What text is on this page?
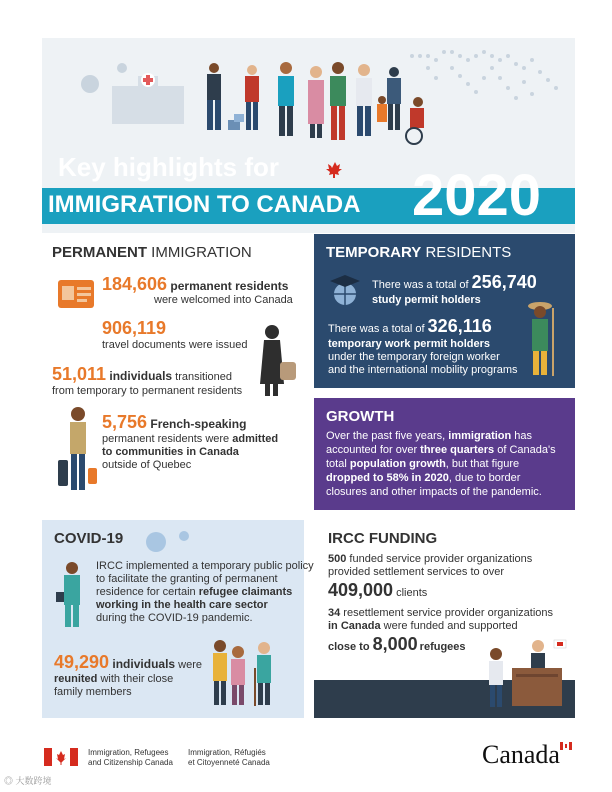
Key highlights for
IMMIGRATION TO CANADA 2020
PERMANENT IMMIGRATION
184,606 permanent residents
were welcomed into Canada
906,119
travel documents were issued
51,011 individuals transitioned
from temporary to permanent residents
5,756 French-speaking
permanent residents were admitted
to communities in Canada
outside of Quebec
TEMPORARY RESIDENTS
There was a total of 256,740
study permit holders
There was a total of 326,116
temporary work permit holders
under the temporary foreign worker
and the international mobility programs
GROWTH
Over the past five years, immigration has
accounted for over three quarters of Canada's
total population growth, but that figure
dropped to 58% in 2020, due to border
closures and other impacts of the pandemic.
COVID-19
IRCC implemented a temporary public policy
to facilitate the granting of permanent
residence for certain refugee claimants
working in the health care sector
during the COVID-19 pandemic.
49,290 individuals were
reunited with their close
family members
IRCC FUNDING
500 funded service provider organizations
provided settlement services to over
409,000 clients
34 resettlement service provider organizations
in Canada were funded and supported
close to 8,000 refugees
Immigration, Refugees
and Citizenship Canada
Immigration, Réfugiés
et Citoyenneté Canada	Canada
◎ 大数跨境
